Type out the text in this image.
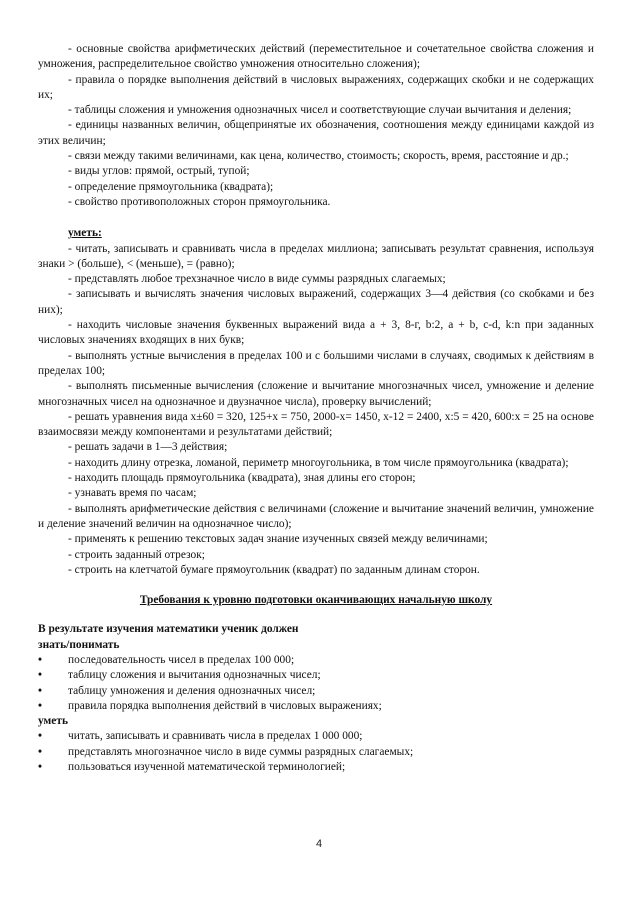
- основные свойства арифметических действий (переместительное и сочетательное свойства сложения и умножения, распределительное свойство умножения относительно сложения);

- правила о порядке выполнения действий в числовых выражениях, содержащих скобки и не содержащих их;

- таблицы сложения и умножения однозначных чисел и соответствующие случаи вычитания и деления;

- единицы названных величин, общепринятые их обозначения, соотношения между единицами каждой из этих величин;

- связи между такими величинами, как цена, количество, стоимость; скорость, время, расстояние и др.;

- виды углов: прямой, острый, тупой;

- определение прямоугольника (квадрата);

- свойство противоположных сторон прямоугольника.

уметь:

- читать, записывать и сравнивать числа в пределах миллиона; записывать результат сравнения, используя знаки > (больше), < (меньше), = (равно);

- представлять любое трехзначное число в виде суммы разрядных слагаемых;

- записывать и вычислять значения числовых выражений, содержащих 3—4 действия (со скобками и без них);

- находить числовые значения буквенных выражений вида a + 3, 8-г, b:2, a + b, c-d, k:n при заданных числовых значениях входящих в них букв;

- выполнять устные вычисления в пределах 100 и с большими числами в случаях, сводимых к действиям в пределах 100;

- выполнять письменные вычисления (сложение и вычитание многозначных чисел, умножение и деление многозначных чисел на однозначное и двузначное числа), проверку вычислений;

- решать уравнения вида х±60 = 320, 125+х = 750, 2000-х= 1450, х-12 = 2400, х:5 = 420, 600:х = 25 на основе взаимосвязи между компонентами и результатами действий;

- решать задачи в 1—3 действия;

- находить длину отрезка, ломаной, периметр многоугольника, в том числе прямоугольника (квадрата);

- находить площадь прямоугольника (квадрата), зная длины его сторон;

- узнавать время по часам;

- выполнять арифметические действия с величинами (сложение и вычитание значений величин, умножение и деление значений величин на однозначное число);

- применять к решению текстовых задач знание изученных связей между величинами;

- строить заданный отрезок;

- строить на клетчатой бумаге прямоугольник (квадрат) по заданным длинам сторон.

Требования к уровню подготовки оканчивающих начальную школу

В результате изучения математики ученик должен

знать/понимать

• последовательность чисел в пределах 100 000;
• таблицу сложения и вычитания однозначных чисел;
• таблицу умножения и деления однозначных чисел;
• правила порядка выполнения действий в числовых выражениях;

уметь

• читать, записывать и сравнивать числа в пределах 1 000 000;
• представлять многозначное число в виде суммы разрядных слагаемых;
• пользоваться изученной математической терминологией;
4
